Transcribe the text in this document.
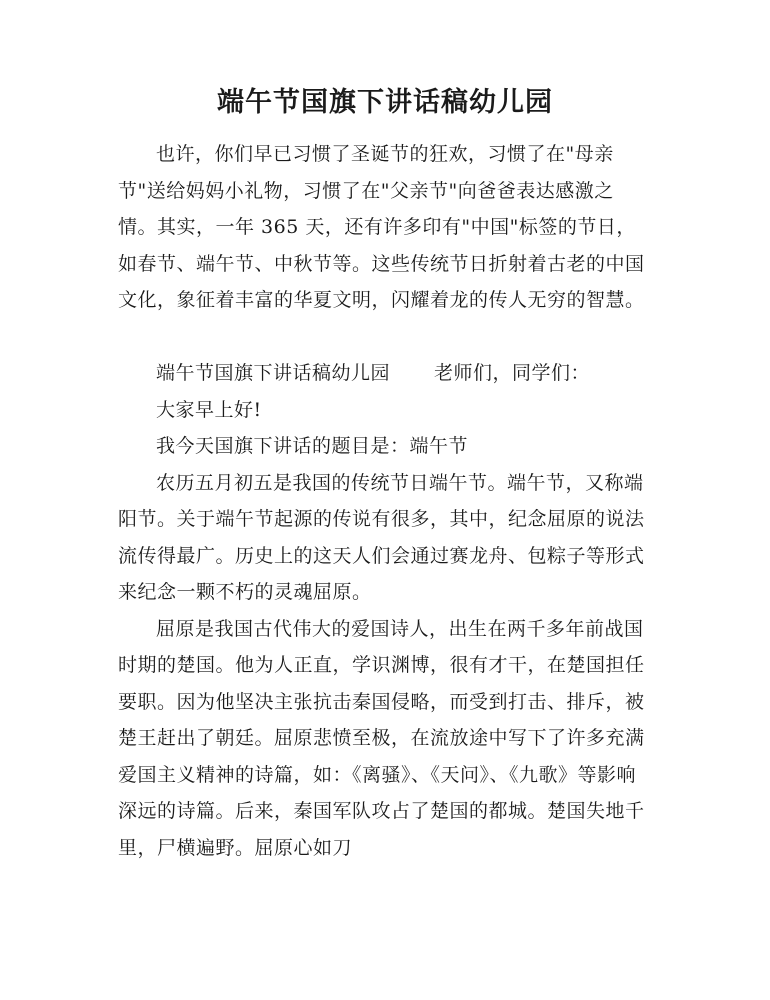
端午节国旗下讲话稿幼儿园

也许，你们早已习惯了圣诞节的狂欢，习惯了在"母亲节"送给妈妈小礼物，习惯了在"父亲节"向爸爸表达感激之情。其实，一年 365 天，还有许多印有"中国"标签的节日，如春节、端午节、中秋节等。这些传统节日折射着古老的中国文化，象征着丰富的华夏文明，闪耀着龙的传人无穷的智慧。

端午节国旗下讲话稿幼儿园 老师们，同学们：

大家早上好!

我今天国旗下讲话的题目是：端午节

农历五月初五是我国的传统节日端午节。端午节，又称端阳节。关于端午节起源的传说有很多，其中，纪念屈原的说法流传得最广。历史上的这天人们会通过赛龙舟、包粽子等形式来纪念一颗不朽的灵魂屈原。

屈原是我国古代伟大的爱国诗人，出生在两千多年前战国时期的楚国。他为人正直，学识渊博，很有才干，在楚国担任要职。因为他坚决主张抗击秦国侵略，而受到打击、排斥，被楚王赶出了朝廷。屈原悲愤至极，在流放途中写下了许多充满爱国主义精神的诗篇，如：《离骚》、《天问》、《九歌》等影响深远的诗篇。后来，秦国军队攻占了楚国的都城。楚国失地千里，尸横遍野。屈原心如刀
